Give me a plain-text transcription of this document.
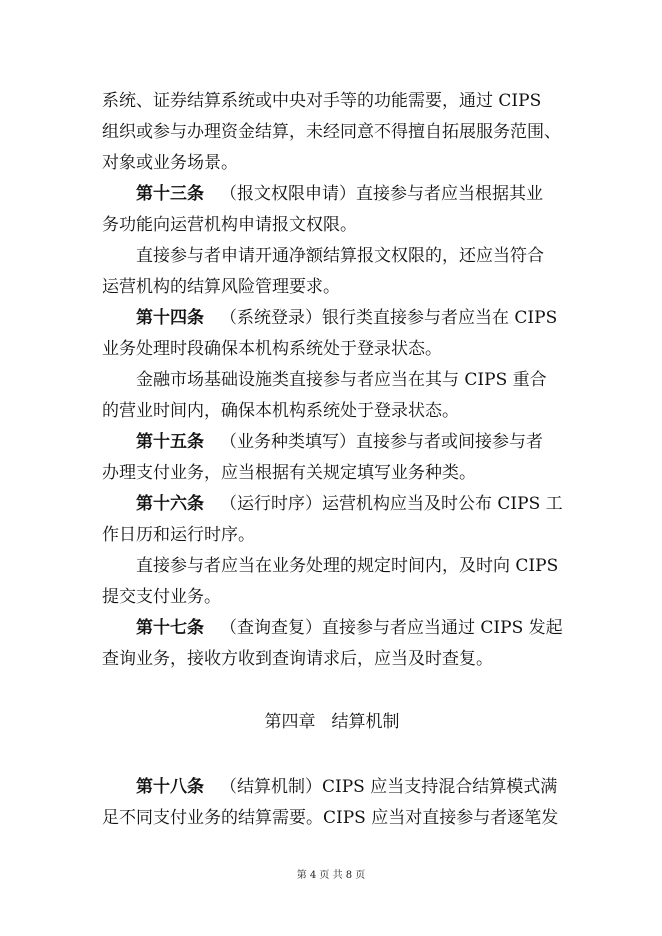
系统、证券结算系统或中央对手等的功能需要，通过 CIPS
组织或参与办理资金结算，未经同意不得擅自拓展服务范围、
对象或业务场景。
第十三条 （报文权限申请）直接参与者应当根据其业
务功能向运营机构申请报文权限。
直接参与者申请开通净额结算报文权限的，还应当符合
运营机构的结算风险管理要求。
第十四条 （系统登录）银行类直接参与者应当在 CIPS
业务处理时段确保本机构系统处于登录状态。
金融市场基础设施类直接参与者应当在其与 CIPS 重合
的营业时间内，确保本机构系统处于登录状态。
第十五条 （业务种类填写）直接参与者或间接参与者
办理支付业务，应当根据有关规定填写业务种类。
第十六条 （运行时序）运营机构应当及时公布 CIPS 工
作日历和运行时序。
直接参与者应当在业务处理的规定时间内，及时向 CIPS
提交支付业务。
第十七条 （查询查复）直接参与者应当通过 CIPS 发起
查询业务，接收方收到查询请求后，应当及时查复。
第四章 结算机制
第十八条 （结算机制）CIPS 应当支持混合结算模式满
足不同支付业务的结算需要。CIPS 应当对直接参与者逐笔发
第 4 页 共 8 页
